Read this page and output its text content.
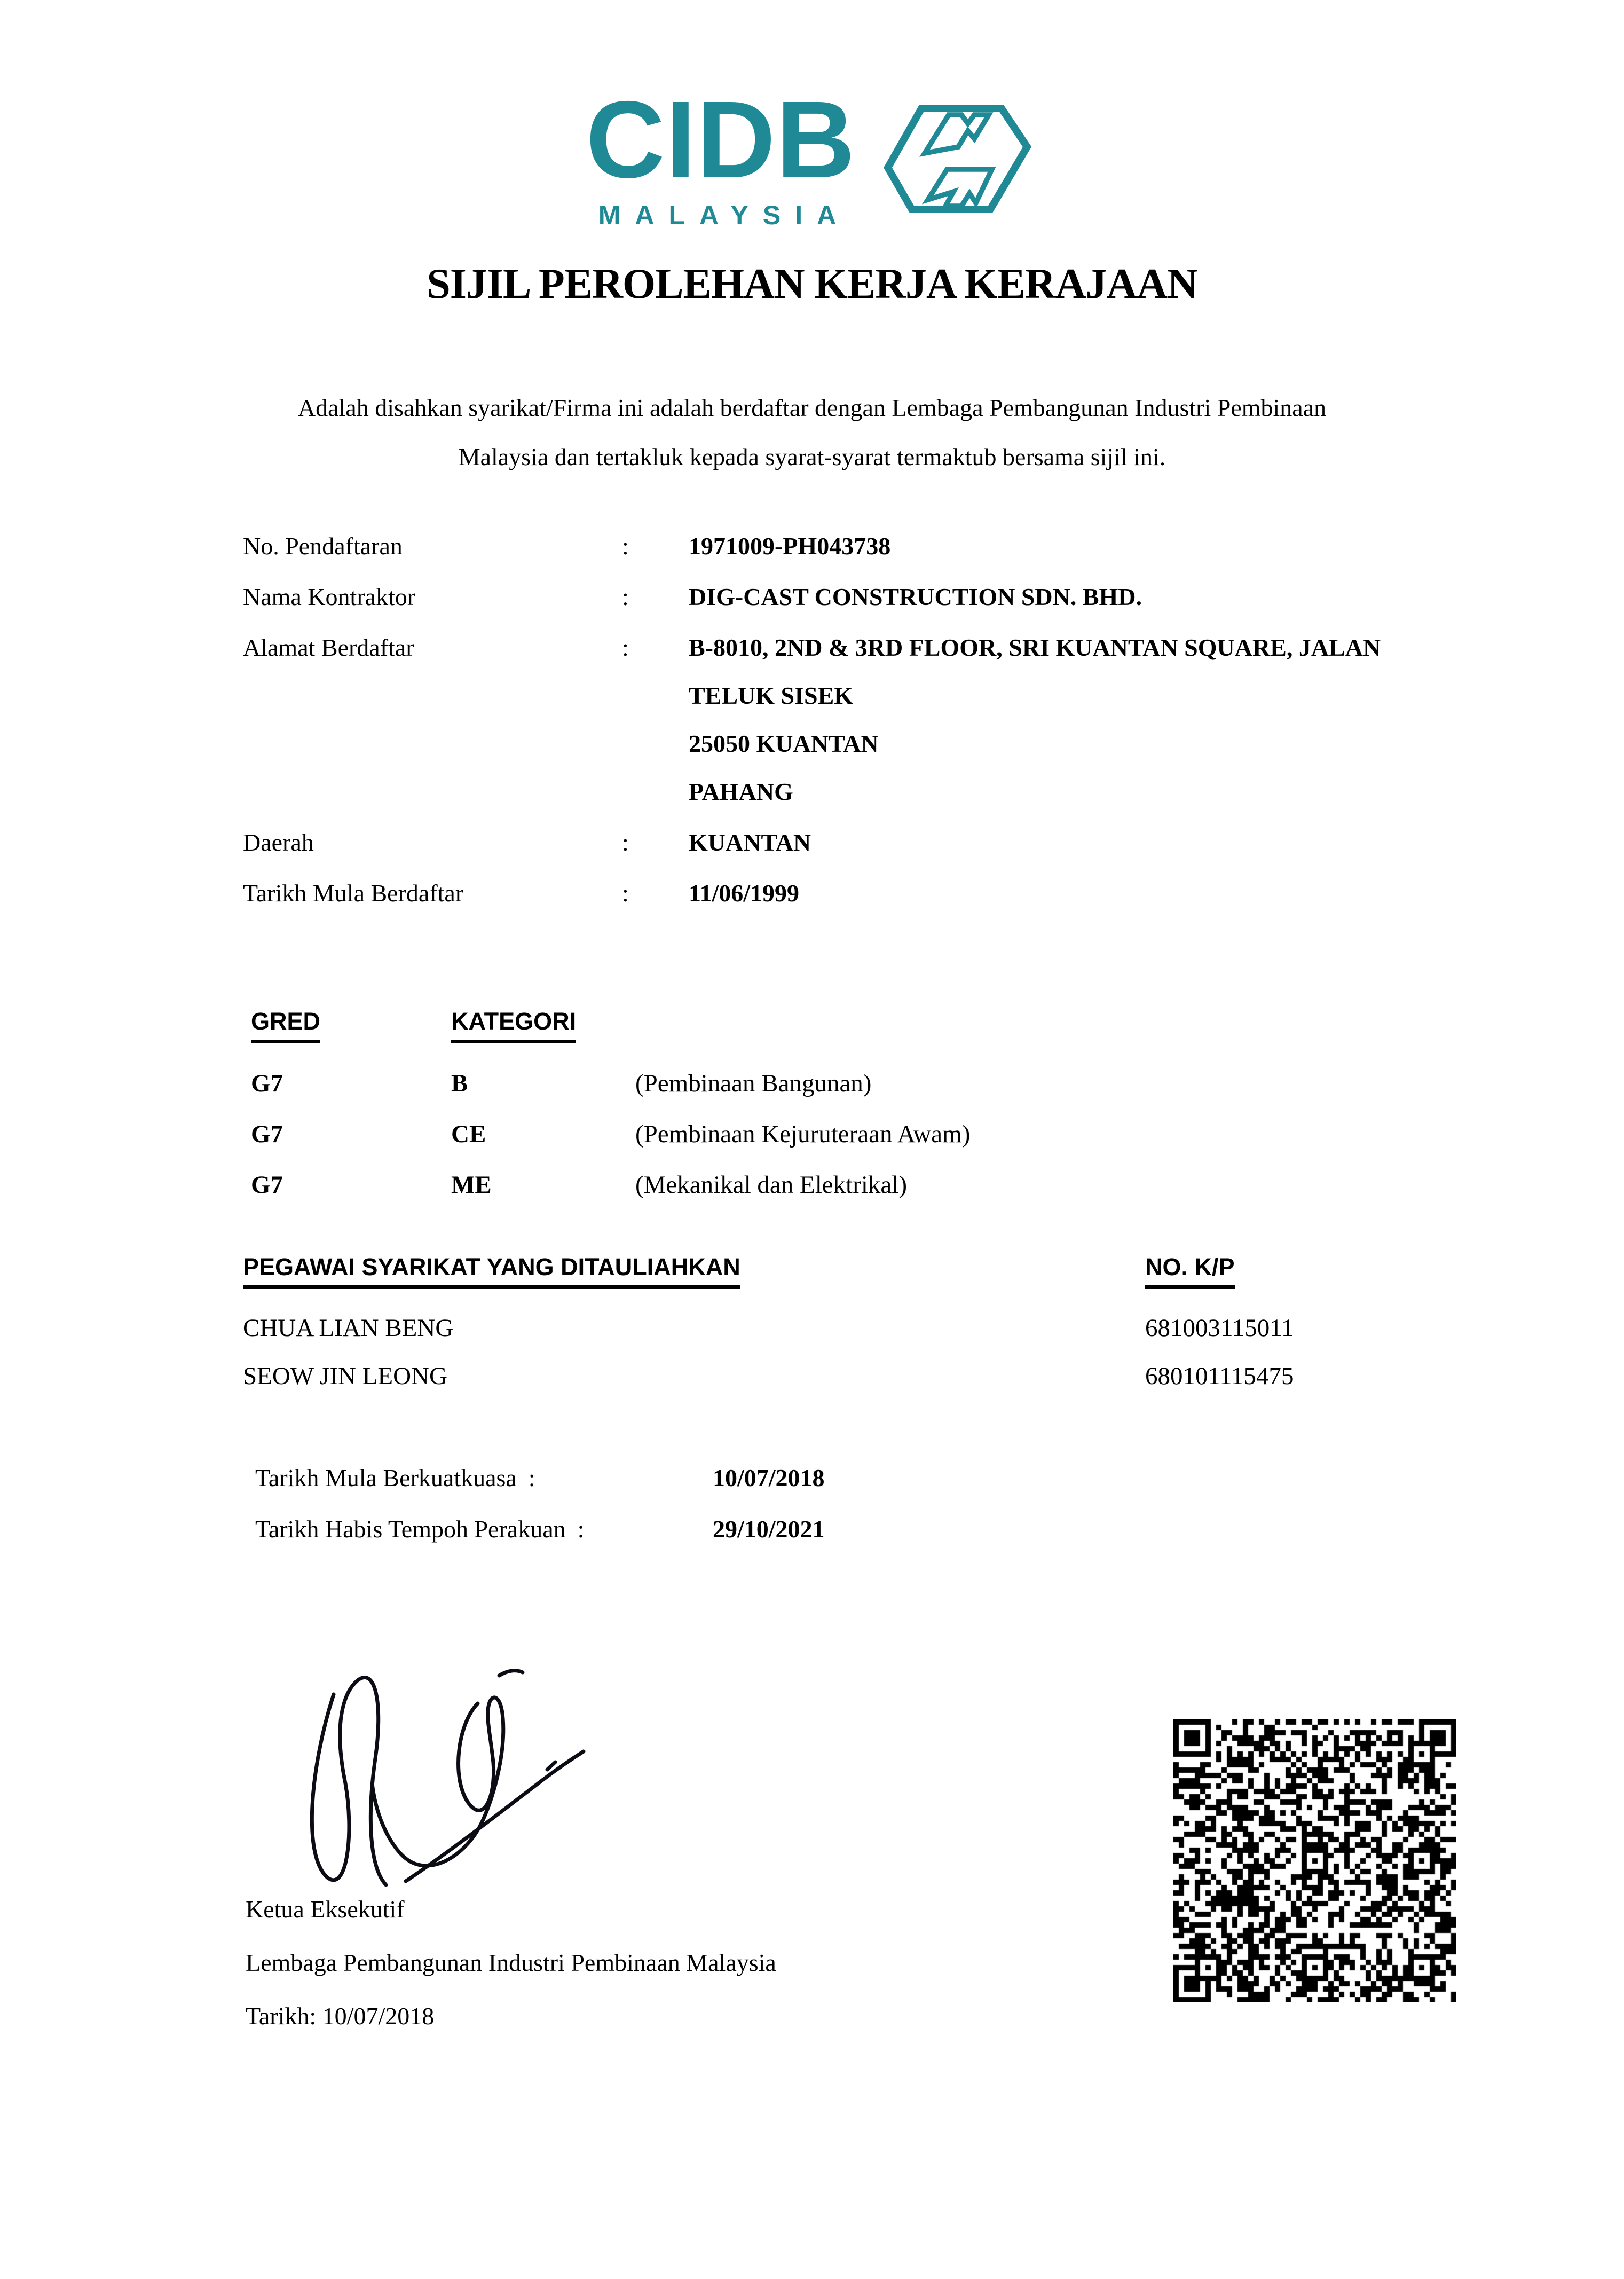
CIDB
MALAYSIA
SIJIL PEROLEHAN KERJA KERAJAAN
Adalah disahkan syarikat/Firma ini adalah berdaftar dengan Lembaga Pembangunan Industri Pembinaan
Malaysia dan tertakluk kepada syarat-syarat termaktub bersama sijil ini.
No. Pendaftaran	:	1971009-PH043738
Nama Kontraktor	:	DIG-CAST CONSTRUCTION SDN. BHD.
Alamat Berdaftar	:	B-8010, 2ND & 3RD FLOOR, SRI KUANTAN SQUARE, JALAN
TELUK SISEK
25050 KUANTAN
PAHANG
Daerah	:	KUANTAN
Tarikh Mula Berdaftar	:	11/06/1999
GRED	KATEGORI
G7	B	(Pembinaan Bangunan)
G7	CE	(Pembinaan Kejuruteraan Awam)
G7	ME	(Mekanikal dan Elektrikal)
PEGAWAI SYARIKAT YANG DITAULIAHKAN	NO. K/P
CHUA LIAN BENG	681003115011
SEOW JIN LEONG	680101115475
Tarikh Mula Berkuatkuasa :	10/07/2018
Tarikh Habis Tempoh Perakuan :	29/10/2021
Ketua Eksekutif
Lembaga Pembangunan Industri Pembinaan Malaysia
Tarikh: 10/07/2018
